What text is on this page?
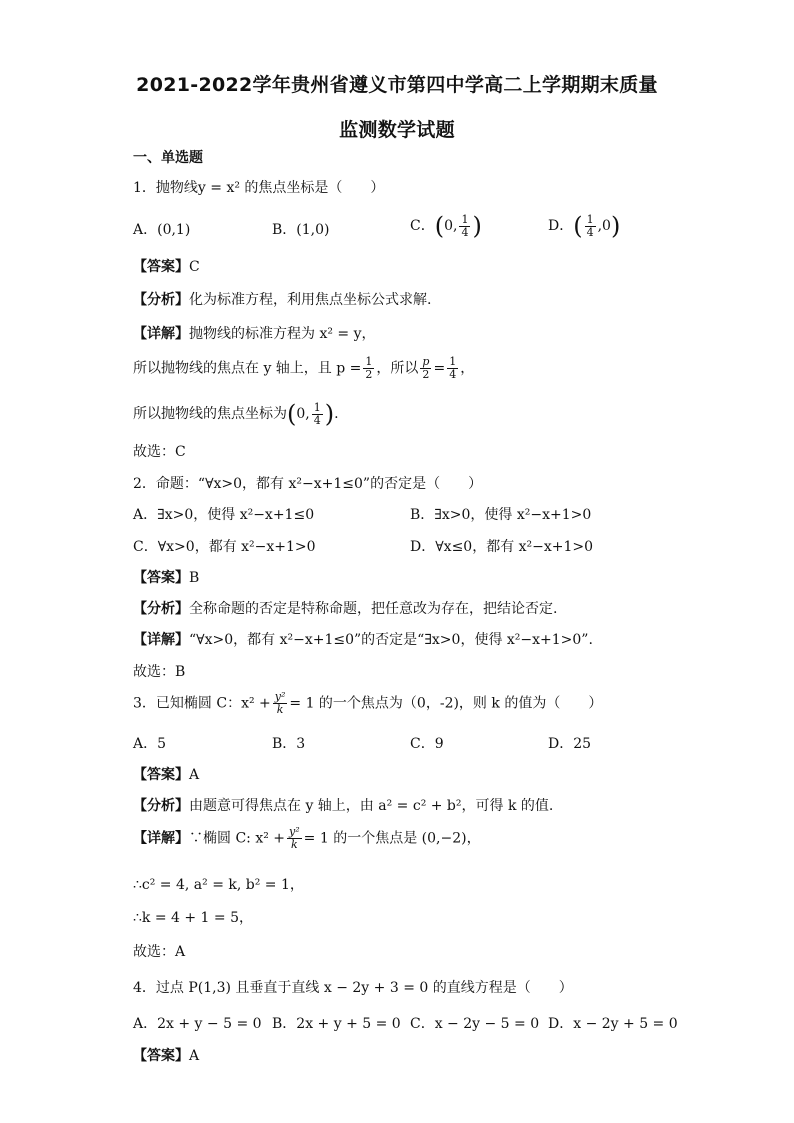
2021-2022学年贵州省遵义市第四中学高二上学期期末质量
监测数学试题
一、单选题
1．抛物线y = x² 的焦点坐标是（　　）
A．(0,1)	B．(1,0)	C．(0, $\frac{1}{4}$ )	D．( $\frac{1}{4} ,0$)
【答案】C
【分析】化为标准方程，利用焦点坐标公式求解.
【详解】抛物线的标准方程为 x² = y，
所以抛物线的焦点在 y 轴上，且 $p = \frac{1}{2}$ ，所以 $\frac{p}{2} = \frac{1}{4}$ ，
所以抛物线的焦点坐标为(0, $\frac{1}{4}$ ).
故选：C
2．命题：“∀x>0，都有 x²−x+1≤0”的否定是（　　）
A．∃x>0，使得 x²−x+1≤0	B．∃x>0，使得 x²−x+1>0
C．∀x>0，都有 x²−x+1>0	D．∀x≤0，都有 x²−x+1>0
【答案】B
【分析】全称命题的否定是特称命题，把任意改为存在，把结论否定.
【详解】“∀x>0，都有 x²−x+1≤0”的否定是“∃x>0，使得 x²−x+1>0”.
故选：B
3．已知椭圆 C：$x^2 + \frac{\text{y²}}{k} = 1$ 的一个焦点为（0，-2)，则 k 的值为（　　）
A．5	B．3	C．9	D．25
【答案】A
【分析】由题意可得焦点在 y 轴上，由 a² = c² + b²，可得 k 的值.
【详解】∵椭圆 C: $x^2 + \frac{\text{y²}}{k} = 1$ 的一个焦点是 (0,−2)，
∴c² = 4, a² = k, b² = 1，
∴k = 4 + 1 = 5，
故选：A
4．过点 P(1,3) 且垂直于直线 x − 2y + 3 = 0 的直线方程是（　　）
A．2x + y − 5 = 0 B．2x + y + 5 = 0 C．x − 2y − 5 = 0 D．x − 2y + 5 = 0
【答案】A
